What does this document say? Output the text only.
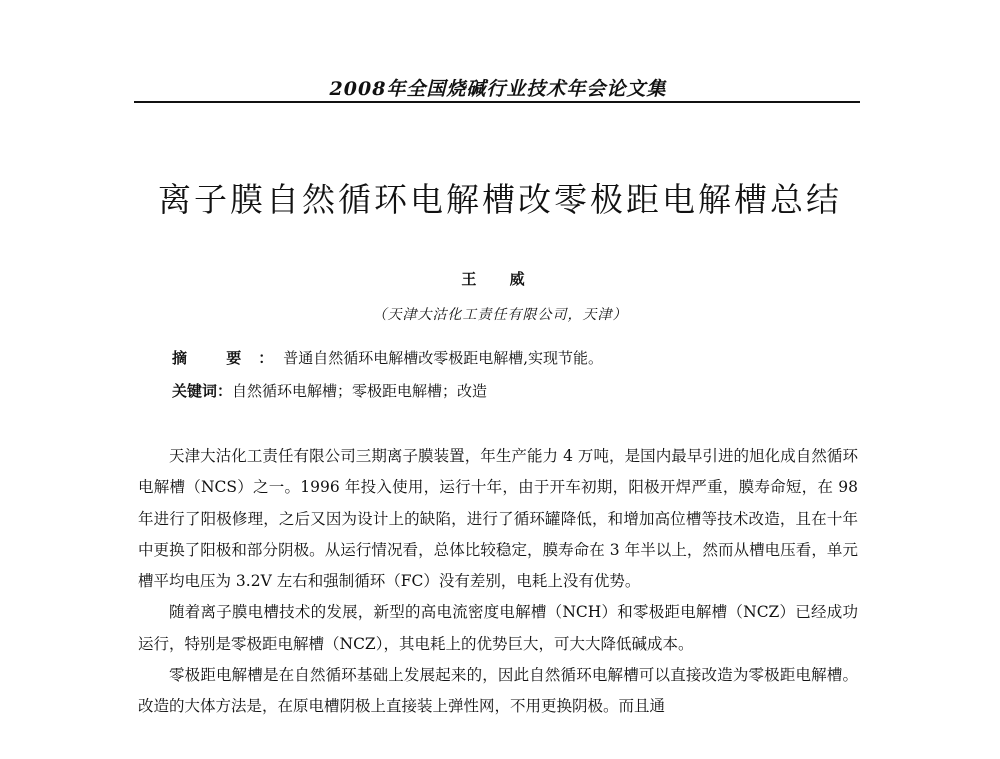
2008年全国烧碱行业技术年会论文集
离子膜自然循环电解槽改零极距电解槽总结
王 威
（天津大沽化工责任有限公司，天津）
摘 要：普通自然循环电解槽改零极距电解槽,实现节能。
关键词：自然循环电解槽；零极距电解槽；改造

天津大沽化工责任有限公司三期离子膜装置，年生产能力 4 万吨，是国内最早引进的旭化成自然循环电解槽（NCS）之一。1996 年投入使用，运行十年，由于开车初期，阳极开焊严重，膜寿命短，在 98 年进行了阳极修理，之后又因为设计上的缺陷，进行了循环罐降低，和增加高位槽等技术改造，且在十年中更换了阳极和部分阴极。从运行情况看，总体比较稳定，膜寿命在 3 年半以上，然而从槽电压看，单元槽平均电压为 3.2V 左右和强制循环（FC）没有差别，电耗上没有优势。

随着离子膜电槽技术的发展，新型的高电流密度电解槽（NCH）和零极距电解槽（NCZ）已经成功运行，特别是零极距电解槽（NCZ），其电耗上的优势巨大，可大大降低碱成本。

零极距电解槽是在自然循环基础上发展起来的，因此自然循环电解槽可以直接改造为零极距电解槽。改造的大体方法是，在原电槽阴极上直接装上弹性网，不用更换阴极。而且通
